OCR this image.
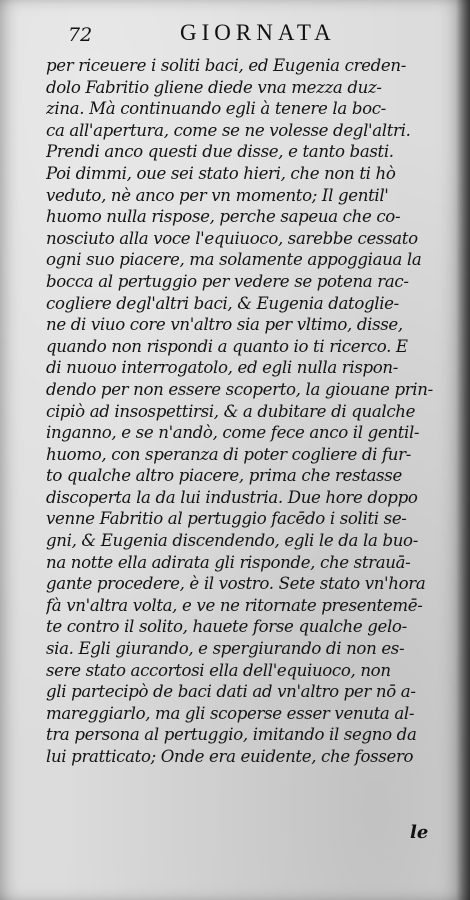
72	GIORNATA
per riceuere i soliti baci, ed Eugenia creden-
dolo Fabritio gliene diede vna mezza duz-
zina. Mà continuando egli à tenere la boc-
ca all'apertura, come se ne volesse degl'altri.
Prendi anco questi due disse, e tanto basti.
Poi dimmi, oue sei stato hieri, che non ti hò
veduto, nè anco per vn momento; Il gentil'
huomo nulla rispose, perche sapeua che co-
nosciuto alla voce l'equiuoco, sarebbe cessato
ogni suo piacere, ma solamente appoggiaua la
bocca al pertuggio per vedere se potena rac-
cogliere degl'altri baci, & Eugenia datoglie-
ne di viuo core vn'altro sia per vltimo, disse,
quando non rispondi a quanto io ti ricerco. E
di nuouo interrogatolo, ed egli nulla rispon-
dendo per non essere scoperto, la giouane prin-
cipiò ad insospettirsi, & a dubitare di qualche
inganno, e se n'andò, come fece anco il gentil-
huomo, con speranza di poter cogliere di fur-
to qualche altro piacere, prima che restasse
discoperta la da lui industria. Due hore doppo
venne Fabritio al pertuggio facēdo i soliti se-
gni, & Eugenia discendendo, egli le da la buo-
na notte ella adirata gli risponde, che strauā-
gante procedere, è il vostro. Sete stato vn'hora
fà vn'altra volta, e ve ne ritornate presentemē-
te contro il solito, hauete forse qualche gelo-
sia. Egli giurando, e spergiurando di non es-
sere stato accortosi ella dell'equiuoco, non
gli partecipò de baci dati ad vn'altro per nō a-
mareggiarlo, ma gli scoperse esser venuta al-
tra persona al pertuggio, imitando il segno da
lui pratticato; Onde era euidente, che fossero
le
